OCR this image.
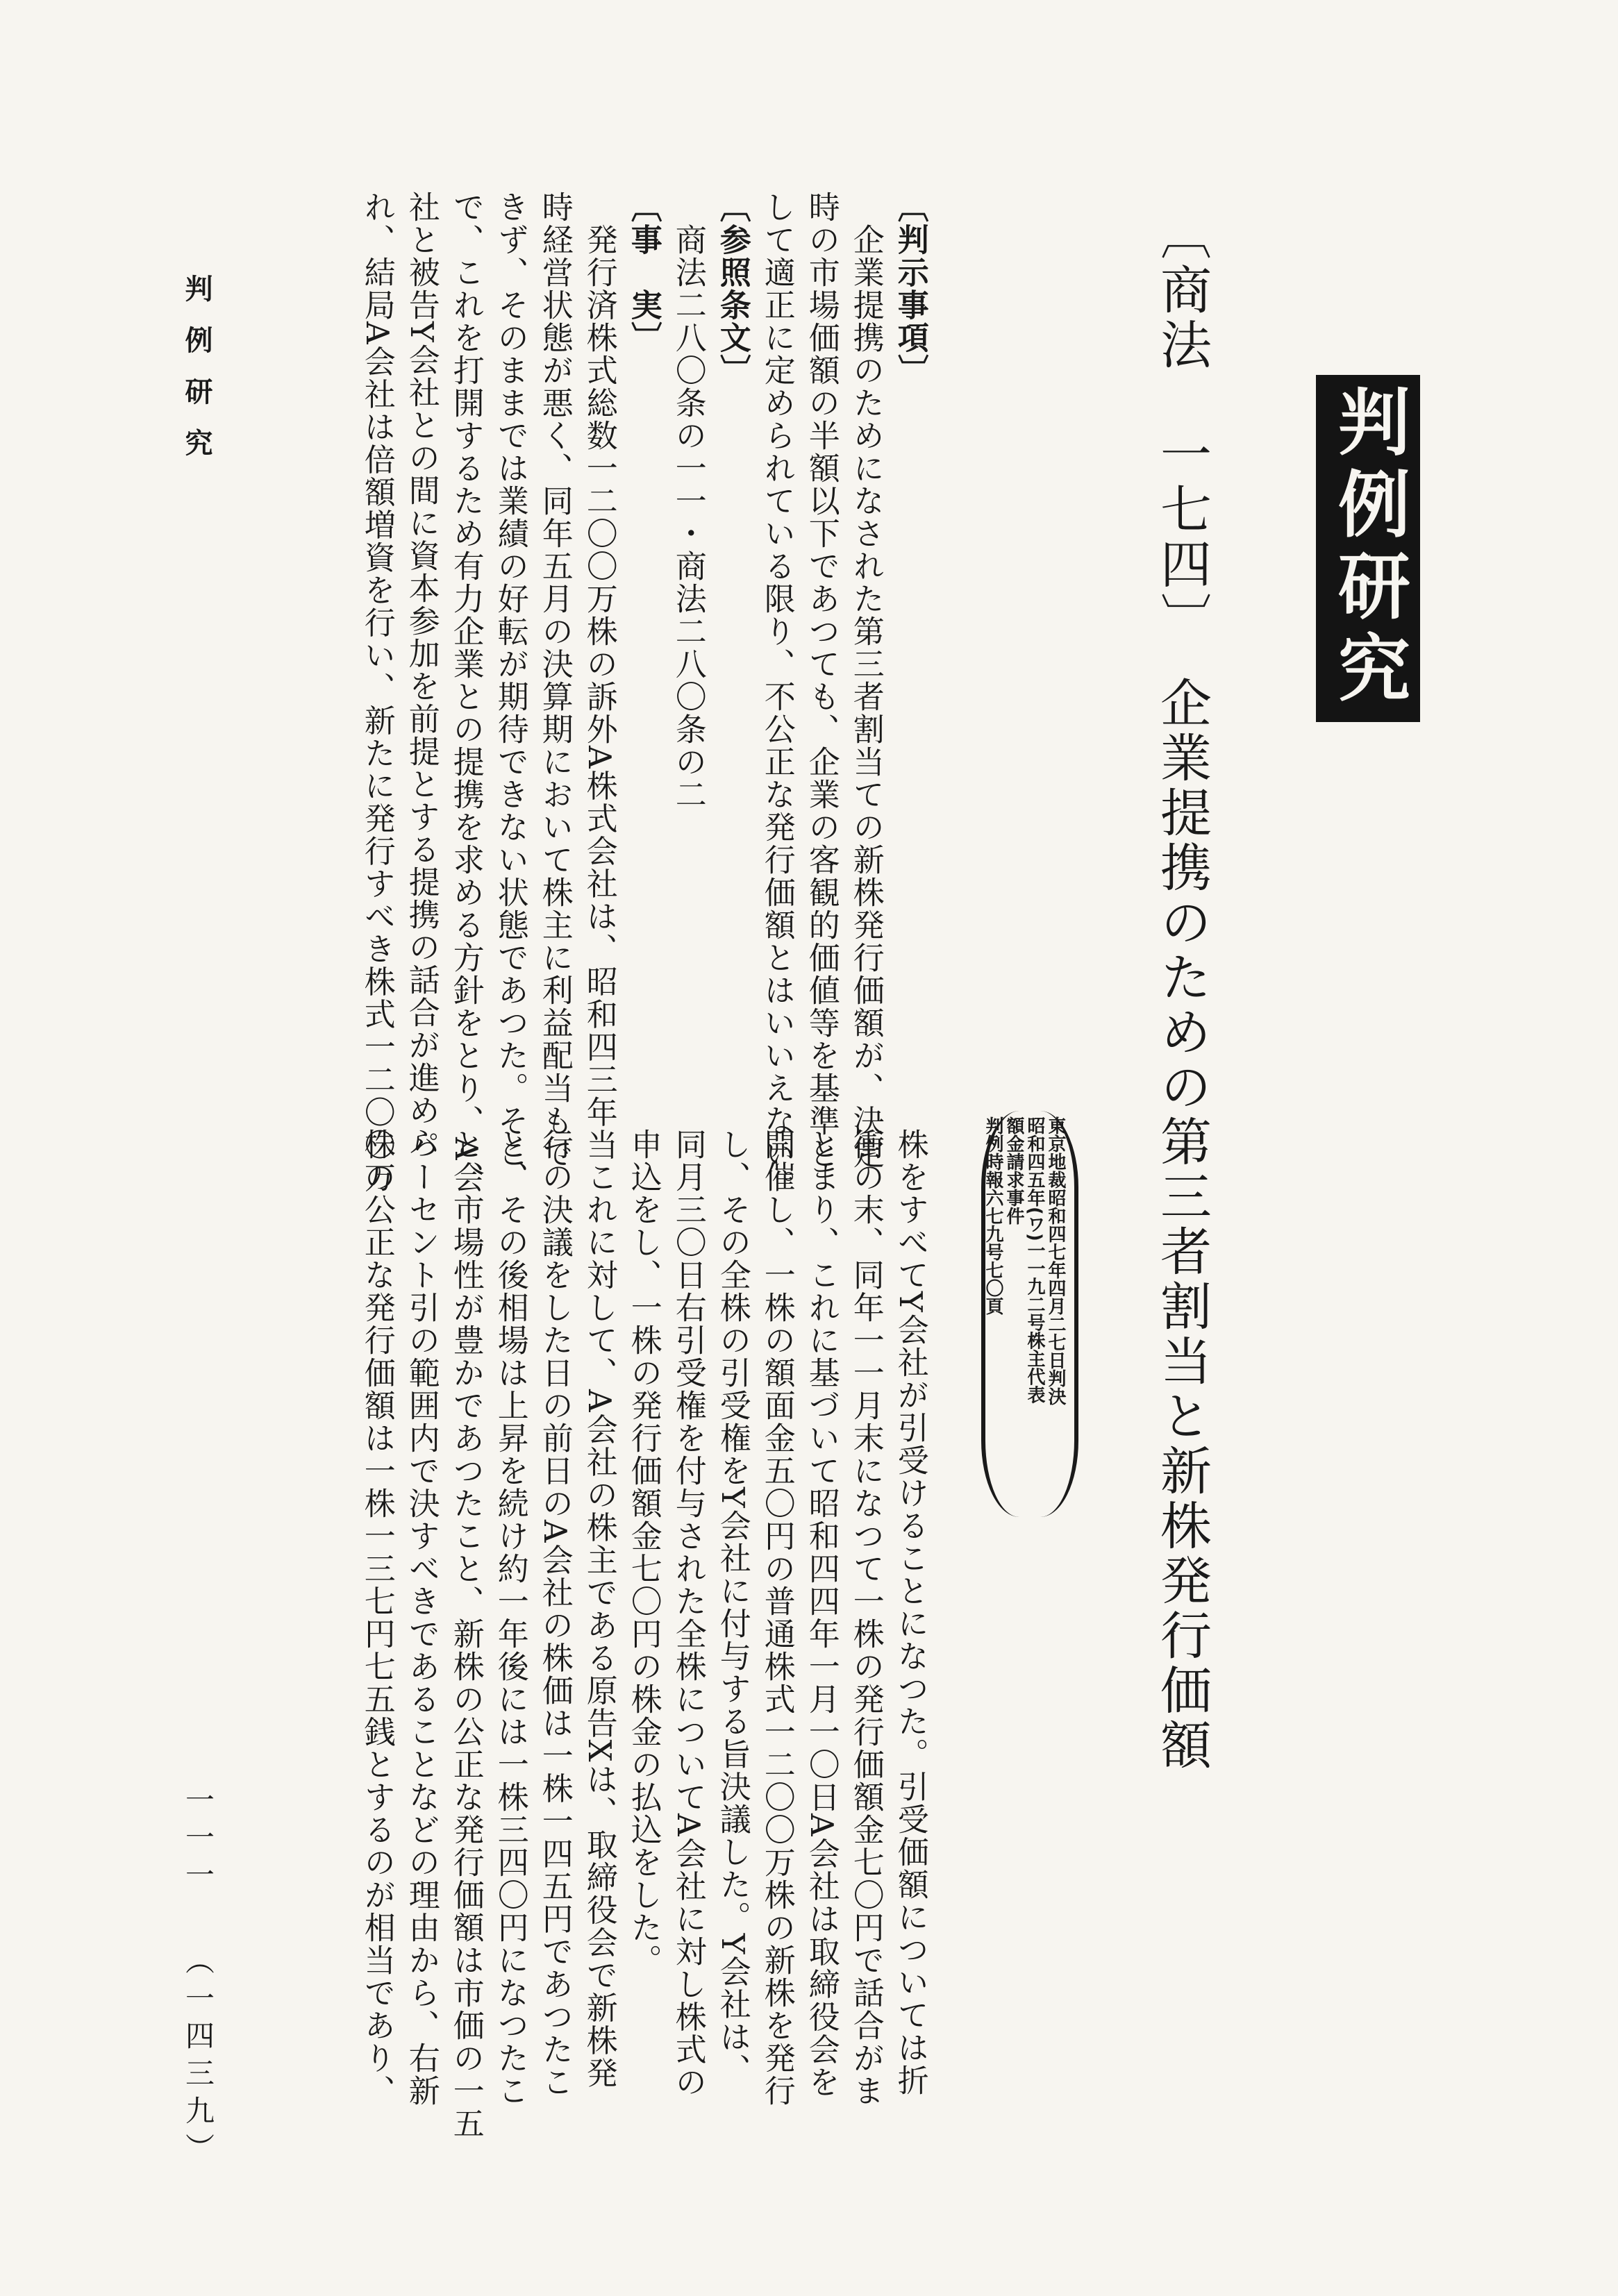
判例研究
〔商法　一七四〕　企業提携のための第三者割当と新株発行価額
東京地裁昭和四七年四月二七日判決
昭和四五年(ワ)一一九二号株主代表
額金請求事件
判例時報六七九号七〇頁
株をすべてY会社が引受けることになつた。引受価額については折
衝の末、同年一一月末になつて一株の発行価額金七〇円で話合がま
とまり、これに基づいて昭和四四年一月一〇日A会社は取締役会を
開催し、一株の額面金五〇円の普通株式一二〇〇万株の新株を発行
し、その全株の引受権をY会社に付与する旨決議した。Y会社は、
同月三〇日右引受権を付与された全株についてA会社に対し株式の
申込をし、一株の発行価額金七〇円の株金の払込をした。
　これに対して、A会社の株主である原告Xは、取締役会で新株発
行の決議をした日の前日のA会社の株価は一株一四五円であつたこ
と、その後相場は上昇を続け約一年後には一株三四〇円になつたこ
と、市場性が豊かであつたこと、新株の公正な発行価額は市価の一五
パーセント引の範囲内で決すべきであることなどの理由から、右新
株の公正な発行価額は一株一三七円七五銭とするのが相当であり、
〔判示事項〕
　企業提携のためになされた第三者割当ての新株発行価額が、決定
時の市場価額の半額以下であつても、企業の客観的価値等を基準と
して適正に定められている限り、不公正な発行価額とはいいえない。
〔参照条文〕
　商法二八〇条の一一・商法二八〇条の二
〔事　実〕
　発行済株式総数一二〇〇万株の訴外A株式会社は、昭和四三年当
時経営状態が悪く、同年五月の決算期において株主に利益配当もで
きず、そのままでは業績の好転が期待できない状態であつた。そこ
で、これを打開するため有力企業との提携を求める方針をとり、A会
社と被告Y会社との間に資本参加を前提とする提携の話合が進めら
れ、結局A会社は倍額増資を行い、新たに発行すべき株式一二〇〇万
判例研究
一一一（一四三九）
